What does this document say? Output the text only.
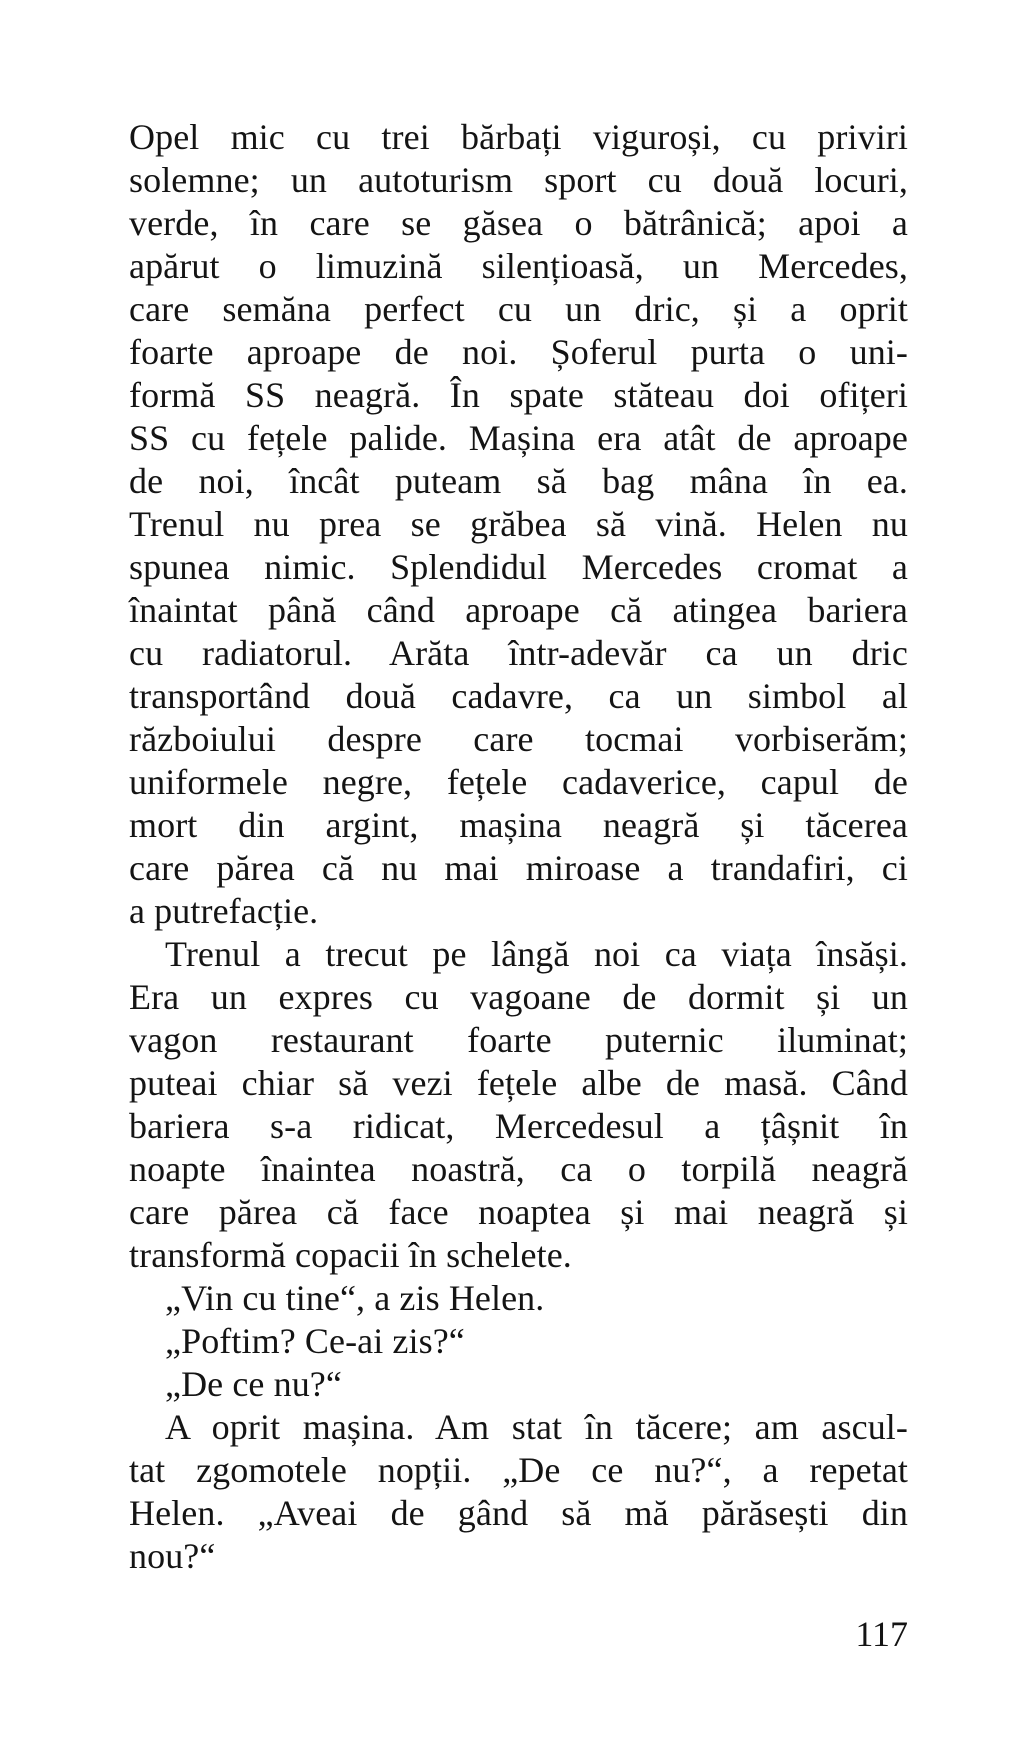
Opel mic cu trei bărbați viguroși, cu priviri
solemne; un autoturism sport cu două locuri,
verde, în care se găsea o bătrânică; apoi a
apărut o limuzină silențioasă, un Mercedes,
care semăna perfect cu un dric, și a oprit
foarte aproape de noi. Șoferul purta o uni-
formă SS neagră. În spate stăteau doi ofițeri
SS cu fețele palide. Mașina era atât de aproape
de noi, încât puteam să bag mâna în ea.
Trenul nu prea se grăbea să vină. Helen nu
spunea nimic. Splendidul Mercedes cromat a
înaintat până când aproape că atingea bariera
cu radiatorul. Arăta într-adevăr ca un dric
transportând două cadavre, ca un simbol al
războiului despre care tocmai vorbiserăm;
uniformele negre, fețele cadaverice, capul de
mort din argint, mașina neagră și tăcerea
care părea că nu mai miroase a trandafiri, ci
a putrefacție.
Trenul a trecut pe lângă noi ca viața însăși.
Era un expres cu vagoane de dormit și un
vagon restaurant foarte puternic iluminat;
puteai chiar să vezi fețele albe de masă. Când
bariera s-a ridicat, Mercedesul a țâșnit în
noapte înaintea noastră, ca o torpilă neagră
care părea că face noaptea și mai neagră și
transformă copacii în schelete.
„Vin cu tine“, a zis Helen.
„Poftim? Ce-ai zis?“
„De ce nu?“
A oprit mașina. Am stat în tăcere; am ascul-
tat zgomotele nopții. „De ce nu?“, a repetat
Helen. „Aveai de gând să mă părăsești din
nou?“
117
